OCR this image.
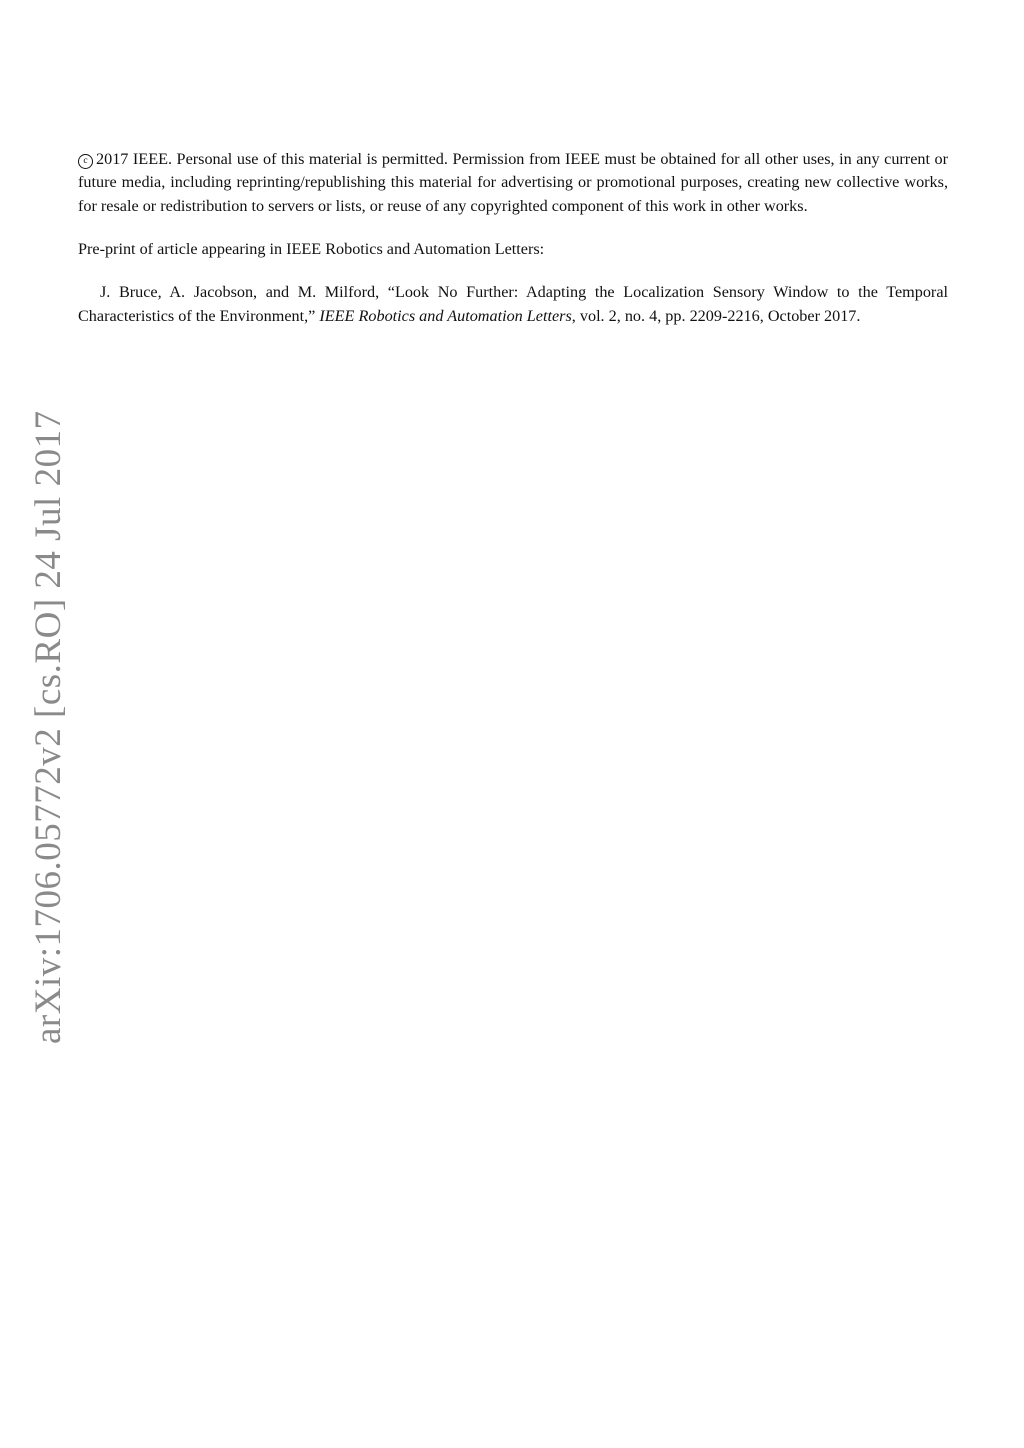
arXiv:1706.05772v2 [cs.RO] 24 Jul 2017

c 2017 IEEE. Personal use of this material is permitted. Permission from IEEE must be obtained for all other uses, in any current or future media, including reprinting/republishing this material for advertising or promotional purposes, creating new collective works, for resale or redistribution to servers or lists, or reuse of any copyrighted component of this work in other works.

Pre-print of article appearing in IEEE Robotics and Automation Letters:

J. Bruce, A. Jacobson, and M. Milford, “Look No Further: Adapting the Localization Sensory Window to the Temporal Characteristics of the Environment,” IEEE Robotics and Automation Letters, vol. 2, no. 4, pp. 2209-2216, October 2017.
